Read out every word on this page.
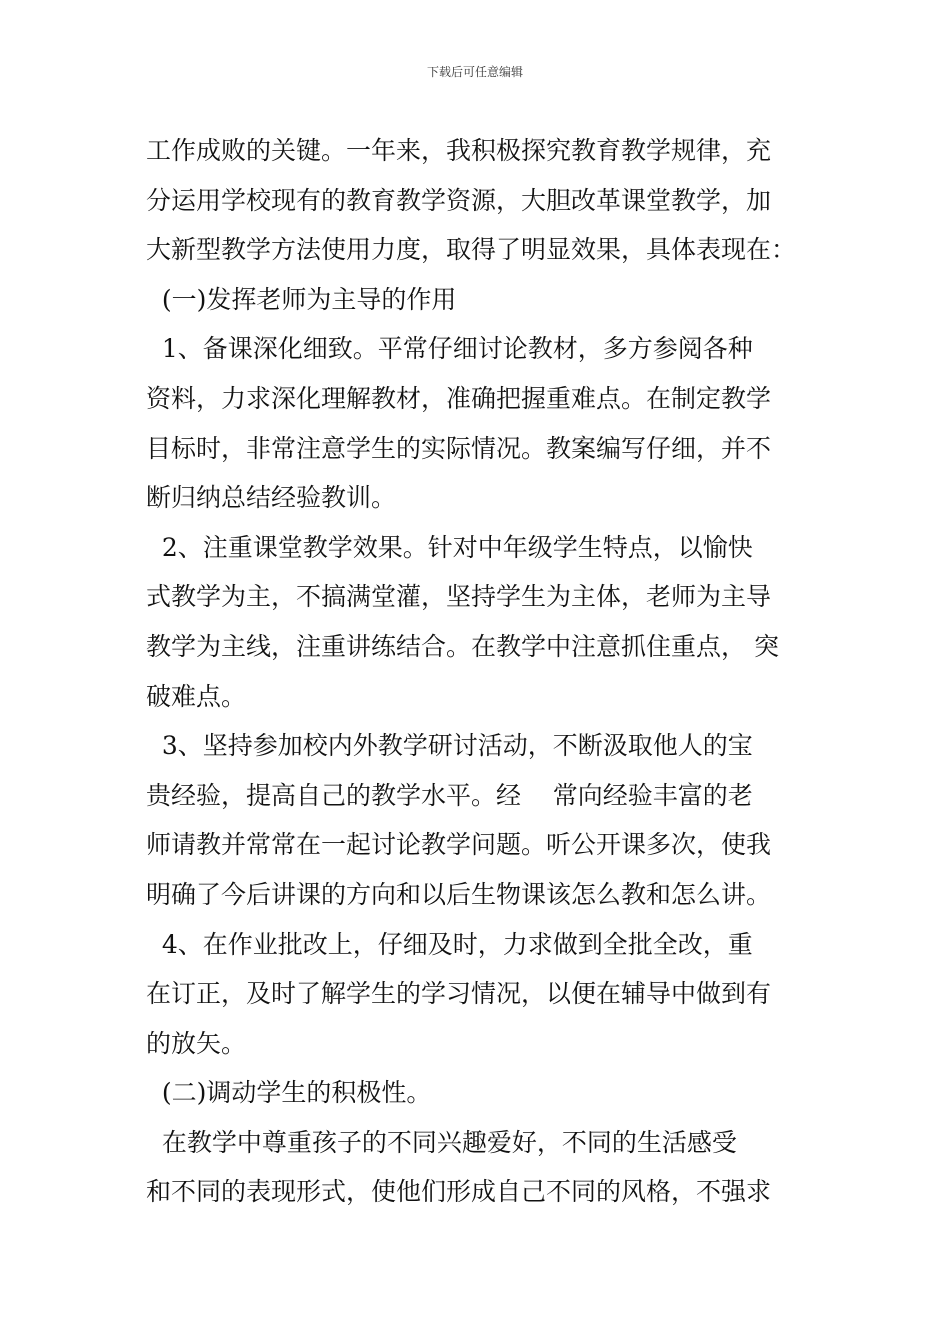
下载后可任意编辑
工作成败的关键。一年来，我积极探究教育教学规律，充
分运用学校现有的教育教学资源，大胆改革课堂教学，加
大新型教学方法使用力度，取得了明显效果，具体表现在：
(一)发挥老师为主导的作用
1、备课深化细致。平常仔细讨论教材，多方参阅各种
资料，力求深化理解教材，准确把握重难点。在制定教学
目标时，非常注意学生的实际情况。教案编写仔细，并不
断归纳总结经验教训。
2、注重课堂教学效果。针对中年级学生特点，以愉快
式教学为主，不搞满堂灌，坚持学生为主体，老师为主导
教学为主线，注重讲练结合。在教学中注意抓住重点， 突
破难点。
3、坚持参加校内外教学研讨活动，不断汲取他人的宝
贵经验，提高自己的教学水平。经    常向经验丰富的老
师请教并常常在一起讨论教学问题。听公开课多次，使我
明确了今后讲课的方向和以后生物课该怎么教和怎么讲。
4、在作业批改上，仔细及时，力求做到全批全改，重
在订正，及时了解学生的学习情况，以便在辅导中做到有
的放矢。
(二)调动学生的积极性。
在教学中尊重孩子的不同兴趣爱好，不同的生活感受
和不同的表现形式，使他们形成自己不同的风格，不强求
